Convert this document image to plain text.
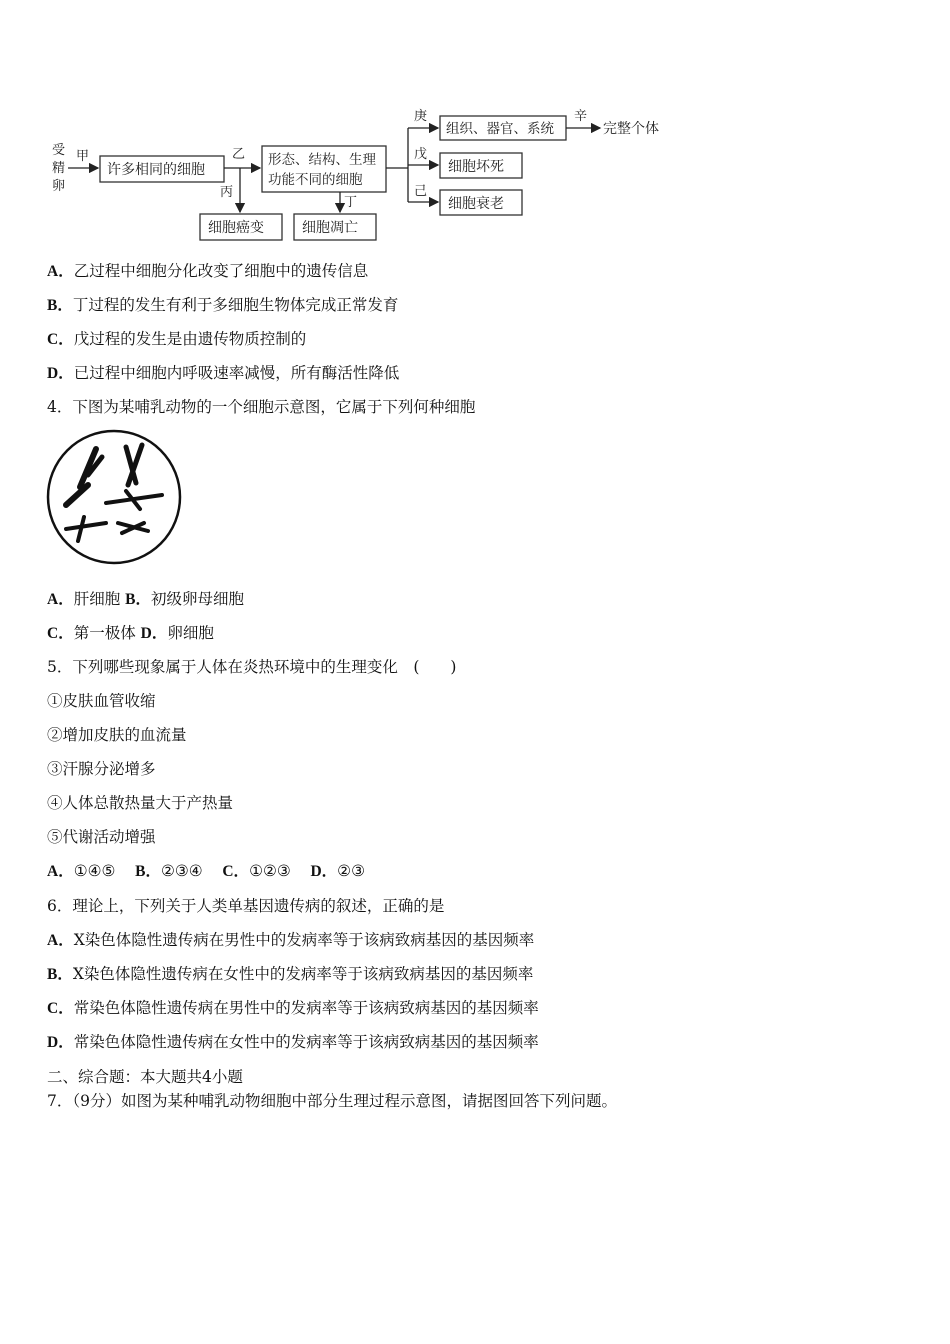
受
精
卵
甲
许多相同的细胞
乙
丙
形态、结构、生理
功能不同的细胞
丁
细胞癌变	细胞凋亡
庚
戊
己
组织、器官、系统
细胞坏死
细胞衰老
辛
完整个体
A．乙过程中细胞分化改变了细胞中的遗传信息
B．丁过程的发生有利于多细胞生物体完成正常发育
C．戊过程的发生是由遗传物质控制的
D．已过程中细胞内呼吸速率减慢，所有酶活性降低
4．下图为某哺乳动物的一个细胞示意图，它属于下列何种细胞
A．肝细胞 B．初级卵母细胞
C．第一极体 D．卵细胞
5．下列哪些现象属于人体在炎热环境中的生理变化　(　　)
①皮肤血管收缩
②增加皮肤的血流量
③汗腺分泌增多
④人体总散热量大于产热量
⑤代谢活动增强
A．①④⑤ B．②③④ C．①②③ D．②③
6．理论上，下列关于人类单基因遗传病的叙述，正确的是
A．X染色体隐性遗传病在男性中的发病率等于该病致病基因的基因频率
B．X染色体隐性遗传病在女性中的发病率等于该病致病基因的基因频率
C．常染色体隐性遗传病在男性中的发病率等于该病致病基因的基因频率
D．常染色体隐性遗传病在女性中的发病率等于该病致病基因的基因频率
二、综合题：本大题共4小题
7．（9分）如图为某种哺乳动物细胞中部分生理过程示意图，请据图回答下列问题。
